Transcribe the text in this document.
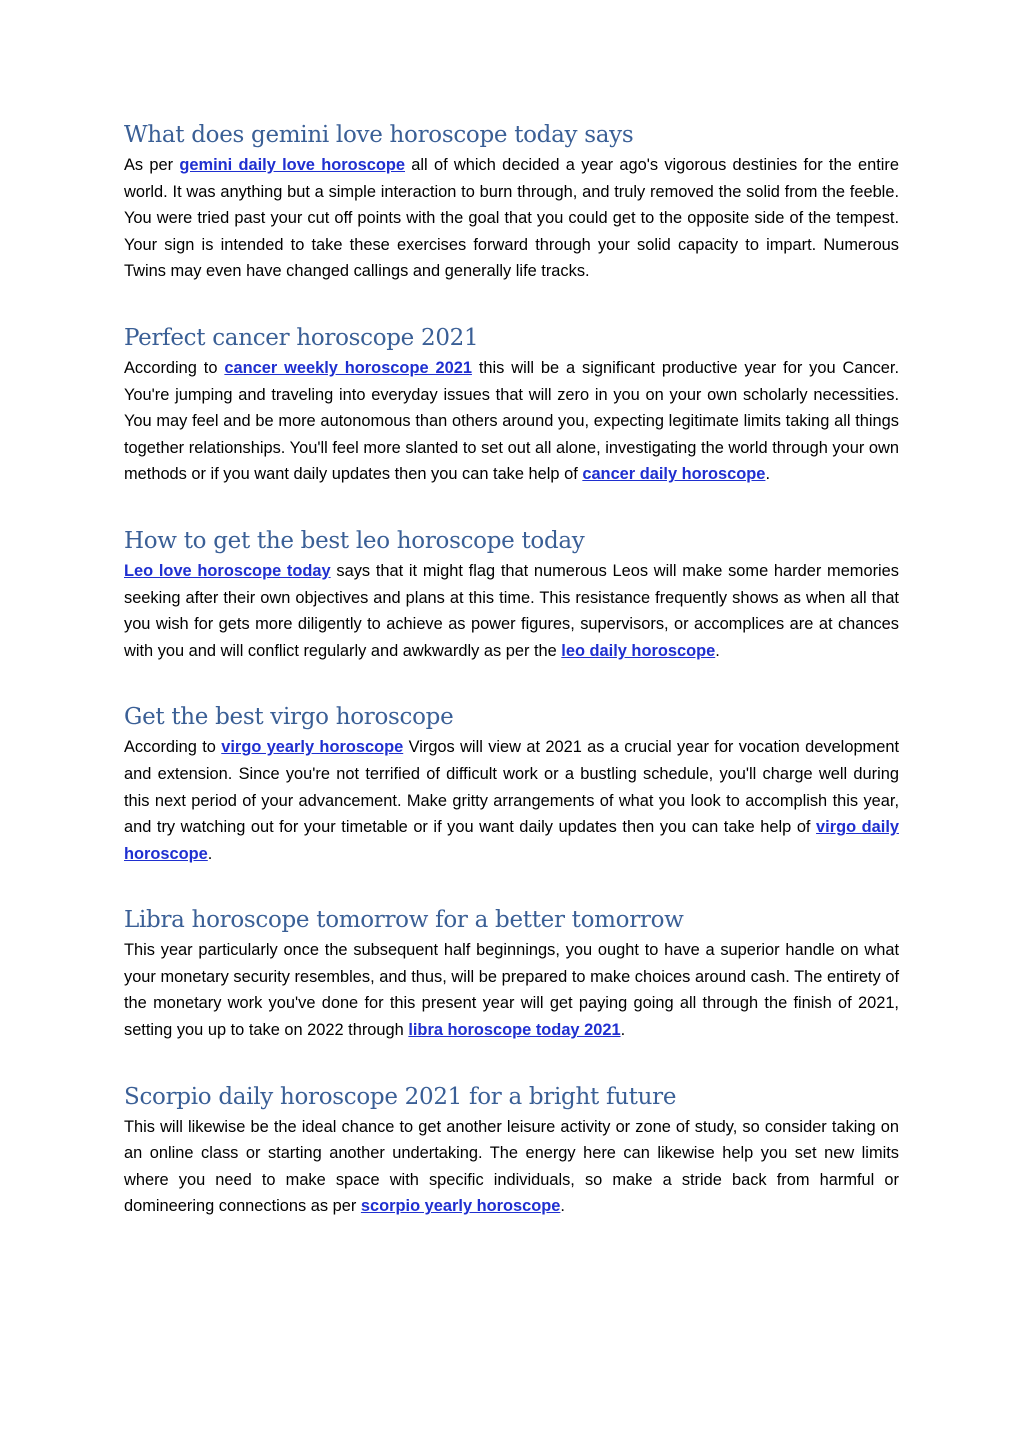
What does gemini love horoscope today says

As per gemini daily love horoscope all of which decided a year ago's vigorous destinies for the entire world. It was anything but a simple interaction to burn through, and truly removed the solid from the feeble. You were tried past your cut off points with the goal that you could get to the opposite side of the tempest. Your sign is intended to take these exercises forward through your solid capacity to impart. Numerous Twins may even have changed callings and generally life tracks.

Perfect cancer horoscope 2021

According to cancer weekly horoscope 2021 this will be a significant productive year for you Cancer. You're jumping and traveling into everyday issues that will zero in you on your own scholarly necessities. You may feel and be more autonomous than others around you, expecting legitimate limits taking all things together relationships. You'll feel more slanted to set out all alone, investigating the world through your own methods or if you want daily updates then you can take help of cancer daily horoscope.

How to get the best leo horoscope today

Leo love horoscope today says that it might flag that numerous Leos will make some harder memories seeking after their own objectives and plans at this time. This resistance frequently shows as when all that you wish for gets more diligently to achieve as power figures, supervisors, or accomplices are at chances with you and will conflict regularly and awkwardly as per the leo daily horoscope.

Get the best virgo horoscope

According to virgo yearly horoscope Virgos will view at 2021 as a crucial year for vocation development and extension. Since you're not terrified of difficult work or a bustling schedule, you'll charge well during this next period of your advancement. Make gritty arrangements of what you look to accomplish this year, and try watching out for your timetable or if you want daily updates then you can take help of virgo daily horoscope.

Libra horoscope tomorrow for a better tomorrow

This year particularly once the subsequent half beginnings, you ought to have a superior handle on what your monetary security resembles, and thus, will be prepared to make choices around cash. The entirety of the monetary work you've done for this present year will get paying going all through the finish of 2021, setting you up to take on 2022 through libra horoscope today 2021.

Scorpio daily horoscope 2021 for a bright future

This will likewise be the ideal chance to get another leisure activity or zone of study, so consider taking on an online class or starting another undertaking. The energy here can likewise help you set new limits where you need to make space with specific individuals, so make a stride back from harmful or domineering connections as per scorpio yearly horoscope.
